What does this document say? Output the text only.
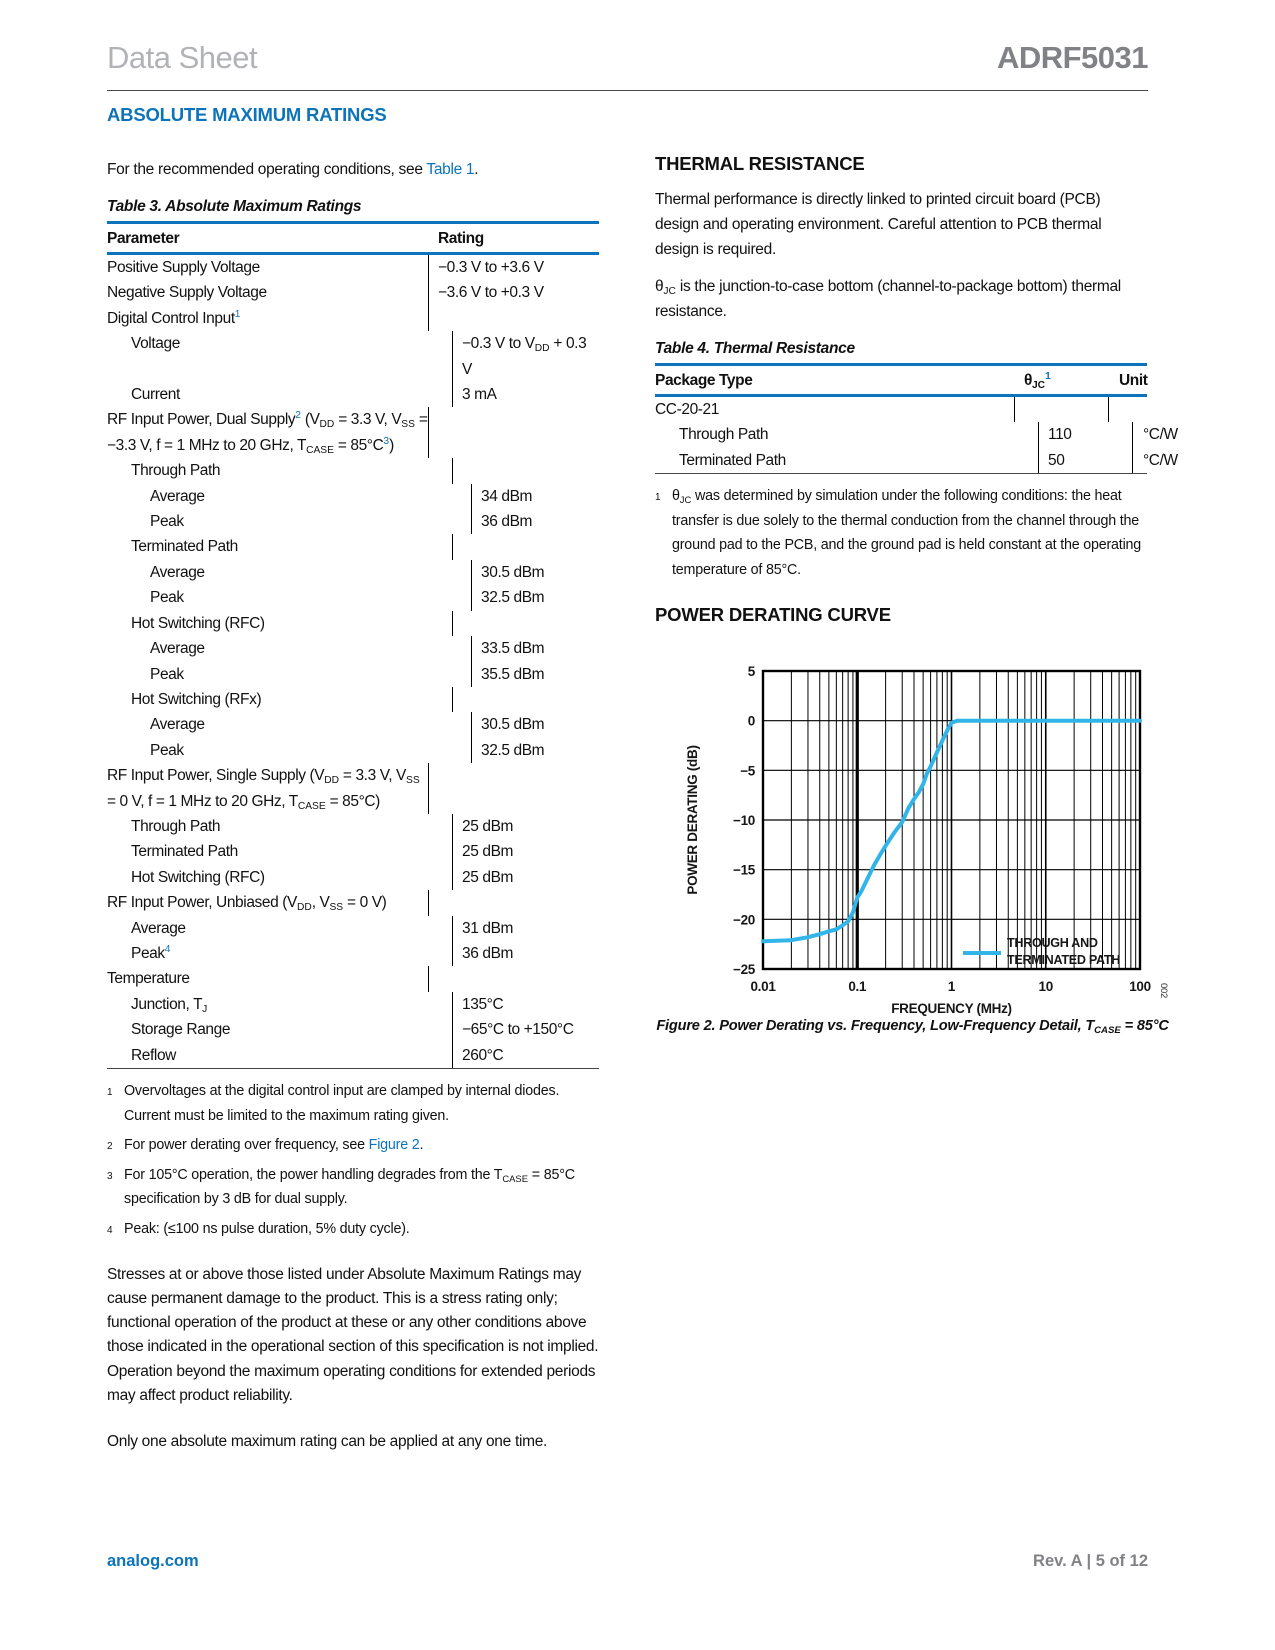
Data Sheet	ADRF5031
ABSOLUTE MAXIMUM RATINGS

For the recommended operating conditions, see Table 1.

Table 3. Absolute Maximum Ratings
Parameter	Rating
Positive Supply Voltage	−0.3 V to +3.6 V
Negative Supply Voltage	−3.6 V to +0.3 V
Digital Control Input$^1$
Voltage	−0.3 V to $V_{DD} + 0.3$ V
Current	3 mA
RF Input Power, Dual Supply$^2$ ($V_{DD} = 3.3$ V, $V_{SS} = -3.3$ V, f = 1 MHz to 20 GHz, $T_{CASE} = 85^\circ C^3$)
Through Path
Average	34 dBm
Peak	36 dBm
Terminated Path
Average	30.5 dBm
Peak	32.5 dBm
Hot Switching (RFC)
Average	33.5 dBm
Peak	35.5 dBm
Hot Switching (RFx)
Average	30.5 dBm
Peak	32.5 dBm
RF Input Power, Single Supply ($V_{DD} = 3.3$ V, $V_{SS} = 0$ V, f = 1 MHz to 20 GHz, $T_{CASE} = 85^\circ C$)
Through Path	25 dBm
Terminated Path	25 dBm
Hot Switching (RFC)	25 dBm
RF Input Power, Unbiased ($V_{DD}$, $V_{SS} = 0$ V)
Average	31 dBm
Peak$^4$	36 dBm
Temperature
Junction, $T_J$	135°C
Storage Range	−65°C to +150°C
Reflow	260°C
1 Overvoltages at the digital control input are clamped by internal diodes. Current must be limited to the maximum rating given.
2 For power derating over frequency, see Figure 2.
3 For 105°C operation, the power handling degrades from the $T_{CASE} = 85^\circ C$ specification by 3 dB for dual supply.
4 Peak: (≤100 ns pulse duration, 5% duty cycle).

Stresses at or above those listed under Absolute Maximum Ratings may cause permanent damage to the product. This is a stress rating only; functional operation of the product at these or any other conditions above those indicated in the operational section of this specification is not implied. Operation beyond the maximum operating conditions for extended periods may affect product reliability.

Only one absolute maximum rating can be applied at any one time.

THERMAL RESISTANCE

Thermal performance is directly linked to printed circuit board (PCB) design and operating environment. Careful attention to PCB thermal design is required.

$\theta_{JC}$ is the junction-to-case bottom (channel-to-package bottom) thermal resistance.

Table 4. Thermal Resistance
Package Type	$\theta_{JC}^1$	Unit
CC-20-21
Through Path	110	°C/W
Terminated Path	50	°C/W
1 $\theta_{JC}$ was determined by simulation under the following conditions: the heat transfer is due solely to the thermal conduction from the channel through the ground pad to the PCB, and the ground pad is held constant at the operating temperature of 85°C.
POWER DERATING CURVE
5
0
−5
−10
−15
−20
−25
0.01	0.1	1	10	100
FREQUENCY (MHz)
POWER DERATING (dB)
THROUGH AND
TERMINATED PATH
002
Figure 2. Power Derating vs. Frequency, Low-Frequency Detail, $T_{CASE} = 85^\circ C$
analog.com	Rev. A | 5 of 12
